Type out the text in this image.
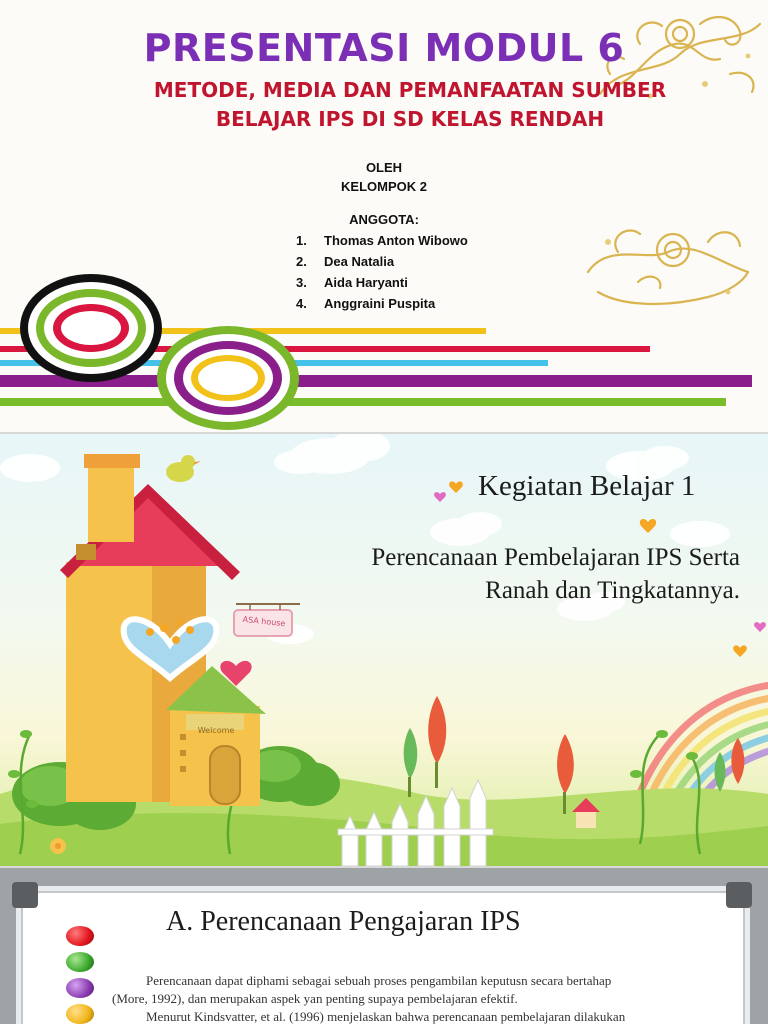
PRESENTASI MODUL 6
METODE, MEDIA DAN PEMANFAATAN SUMBER
BELAJAR IPS DI SD KELAS RENDAH
OLEH
KELOMPOK 2
ANGGOTA:
1. Thomas Anton Wibowo
2. Dea Natalia
3. Aida Haryanti
4. Anggraini Puspita
Kegiatan Belajar 1
Perencanaan Pembelajaran IPS Serta
Ranah dan Tingkatannya.
ASA house
Welcome
A. Perencanaan Pengajaran IPS

Perencanaan dapat diphami sebagai sebuah proses pengambilan keputusn secara bertahap

(More, 1992), dan merupakan aspek yan penting supaya pembelajaran efektif.

Menurut Kindsvatter, et al. (1996) menjelaskan bahwa perencanaan pembelajaran dilakukan
